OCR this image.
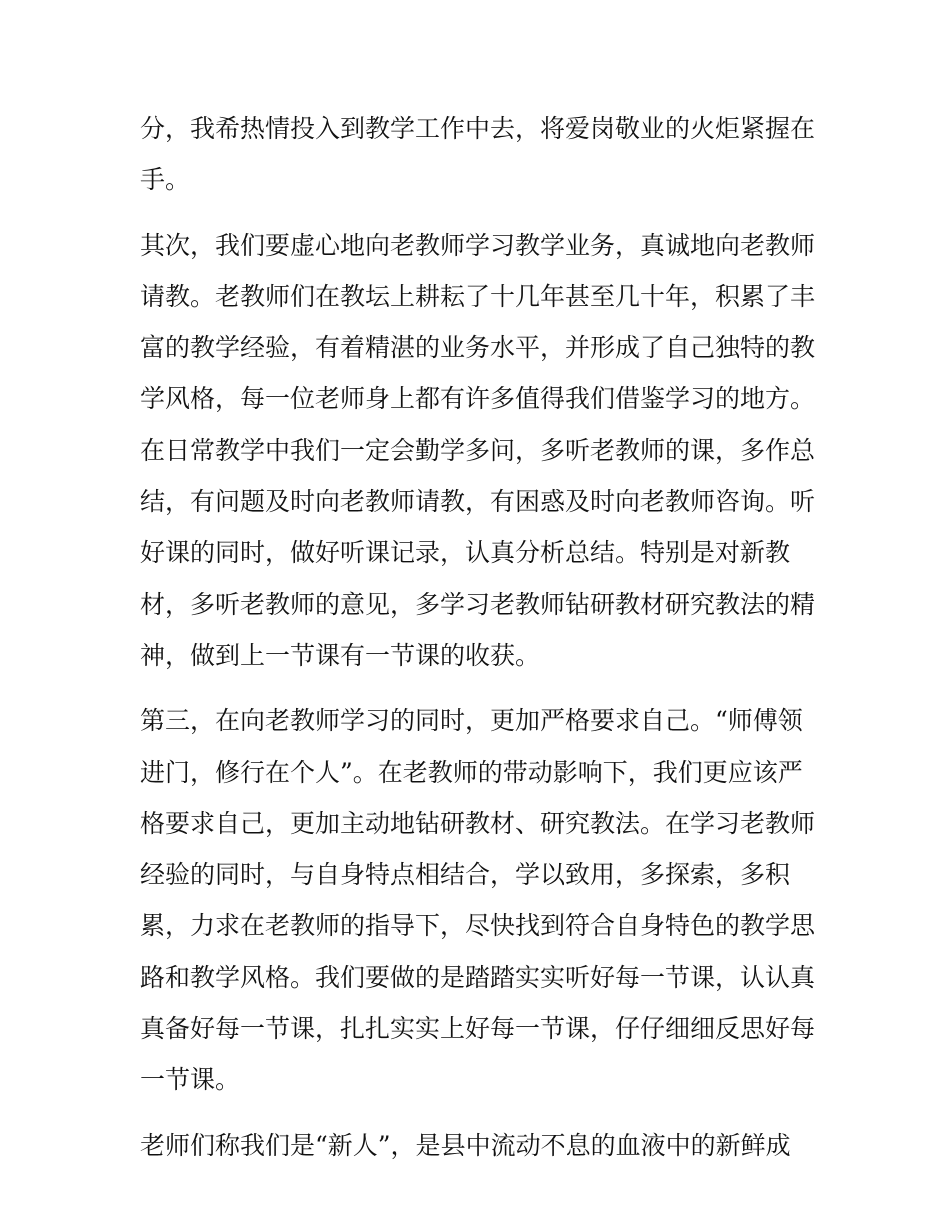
分，我希热情投入到教学工作中去，将爱岗敬业的火炬紧握在
手。
其次，我们要虚心地向老教师学习教学业务，真诚地向老教师
请教。老教师们在教坛上耕耘了十几年甚至几十年，积累了丰
富的教学经验，有着精湛的业务水平，并形成了自己独特的教
学风格，每一位老师身上都有许多值得我们借鉴学习的地方。
在日常教学中我们一定会勤学多问，多听老教师的课，多作总
结，有问题及时向老教师请教，有困惑及时向老教师咨询。听
好课的同时，做好听课记录，认真分析总结。特别是对新教
材，多听老教师的意见，多学习老教师钻研教材研究教法的精
神，做到上一节课有一节课的收获。
第三，在向老教师学习的同时，更加严格要求自己。“师傅领
进门，修行在个人”。在老教师的带动影响下，我们更应该严
格要求自己，更加主动地钻研教材、研究教法。在学习老教师
经验的同时，与自身特点相结合，学以致用，多探索，多积
累，力求在老教师的指导下，尽快找到符合自身特色的教学思
路和教学风格。我们要做的是踏踏实实听好每一节课，认认真
真备好每一节课，扎扎实实上好每一节课，仔仔细细反思好每
一节课。
老师们称我们是“新人”，是县中流动不息的血液中的新鲜成
